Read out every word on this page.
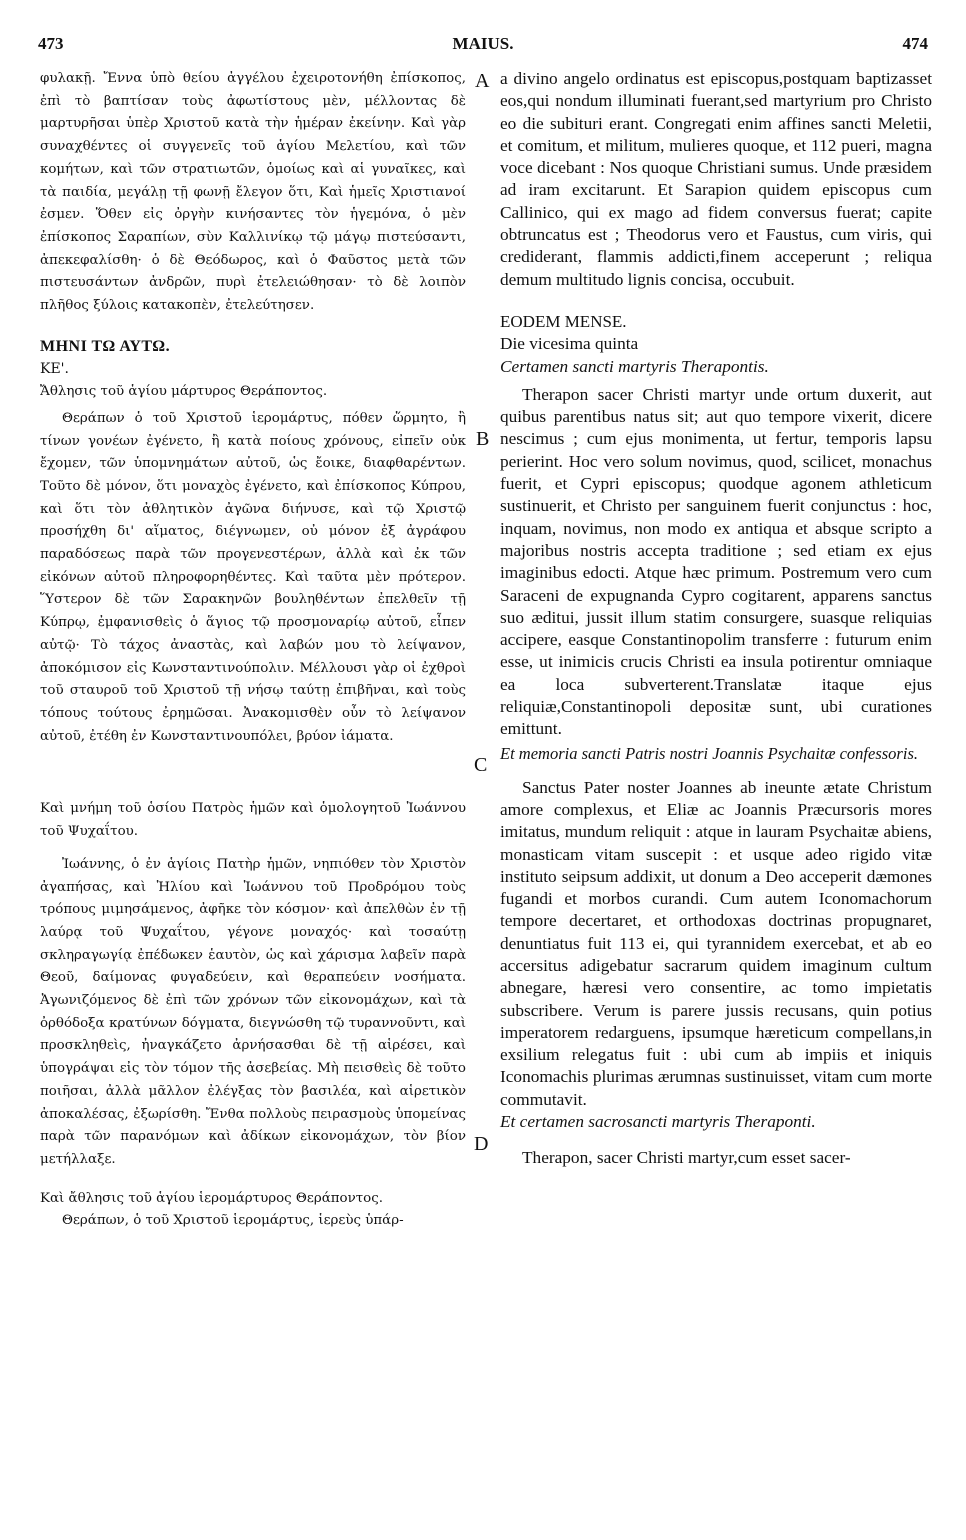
473	MAIUS.	474
A
B
C
D

φυλακῇ. Ἔννα ὑπὸ θείου ἀγγέλου ἐχειροτονήθη ἐπίσκοπος, ἐπὶ τὸ βαπτίσαν τοὺς ἀφωτίστους μὲν, μέλλοντας δὲ μαρτυρῆσαι ὑπὲρ Χριστοῦ κατὰ τὴν ἡμέραν ἐκείνην. Καὶ γὰρ συναχθέντες οἱ συγγενεῖς τοῦ ἁγίου Μελετίου, καὶ τῶν κομήτων, καὶ τῶν στρατιωτῶν, ὁμοίως καὶ αἱ γυναῖκες, καὶ τὰ παιδία, μεγάλῃ τῇ φωνῇ ἔλεγον ὅτι, Καὶ ἡμεῖς Χριστιανοί ἐσμεν. Ὅθεν εἰς ὀργὴν κινήσαντες τὸν ἡγεμόνα, ὁ μὲν ἐπίσκοπος Σαραπίων, σὺν Καλλινίκῳ τῷ μάγῳ πιστεύσαντι, ἀπεκεφαλίσθη· ὁ δὲ Θεόδωρος, καὶ ὁ Φαῦστος μετὰ τῶν πιστευσάντων ἀνδρῶν, πυρὶ ἐτελειώθησαν· τὸ δὲ λοιπὸν πλῆθος ξύλοις κατακοπὲν, ἐτελεύτησεν.

ΜΗΝΙ ΤΩ ΑΥΤΩ.

ΚΕ'.

Ἄθλησις τοῦ ἁγίου μάρτυρος Θεράποντος.

Θεράπων ὁ τοῦ Χριστοῦ ἱερομάρτυς, πόθεν ὥρμητο, ἢ τίνων γονέων ἐγένετο, ἢ κατὰ ποίους χρόνους, εἰπεῖν οὐκ ἔχομεν, τῶν ὑπομνημάτων αὐτοῦ, ὡς ἔοικε, διαφθαρέντων. Τοῦτο δὲ μόνον, ὅτι μοναχὸς ἐγένετο, καὶ ἐπίσκοπος Κύπρου, καὶ ὅτι τὸν ἀθλητικὸν ἀγῶνα διήνυσε, καὶ τῷ Χριστῷ προσήχθη δι' αἵματος, διέγνωμεν, οὐ μόνον ἐξ ἀγράφου παραδόσεως παρὰ τῶν προγενεστέρων, ἀλλὰ καὶ ἐκ τῶν εἰκόνων αὐτοῦ πληροφορηθέντες. Καὶ ταῦτα μὲν πρότερον. Ὕστερον δὲ τῶν Σαρακηνῶν βουληθέντων ἐπελθεῖν τῇ Κύπρῳ, ἐμφανισθεὶς ὁ ἅγιος τῷ προσμοναρίῳ αὐτοῦ, εἶπεν αὐτῷ· Τὸ τάχος ἀναστὰς, καὶ λαβών μου τὸ λείψανον, ἀποκόμισον εἰς Κωνσταντινούπολιν. Μέλλουσι γὰρ οἱ ἐχθροὶ τοῦ σταυροῦ τοῦ Χριστοῦ τῇ νήσῳ ταύτῃ ἐπιβῆναι, καὶ τοὺς τόπους τούτους ἐρημῶσαι. Ἀνακομισθὲν οὖν τὸ λείψανον αὐτοῦ, ἐτέθη ἐν Κωνσταντινουπόλει, βρύον ἰάματα.

Καὶ μνήμη τοῦ ὁσίου Πατρὸς ἡμῶν καὶ ὁμολογητοῦ Ἰωάννου τοῦ Ψυχαΐτου.

Ἰωάννης, ὁ ἐν ἁγίοις Πατὴρ ἡμῶν, νηπιόθεν τὸν Χριστὸν ἀγαπήσας, καὶ Ἠλίου καὶ Ἰωάννου τοῦ Προδρόμου τοὺς τρόπους μιμησάμενος, ἀφῆκε τὸν κόσμον· καὶ ἀπελθὼν ἐν τῇ λαύρᾳ τοῦ Ψυχαΐτου, γέγονε μοναχός· καὶ τοσαύτῃ σκληραγωγίᾳ ἐπέδωκεν ἑαυτὸν, ὡς καὶ χάρισμα λαβεῖν παρὰ Θεοῦ, δαίμονας φυγαδεύειν, καὶ θεραπεύειν νοσήματα. Ἀγωνιζόμενος δὲ ἐπὶ τῶν χρόνων τῶν εἰκονομάχων, καὶ τὰ ὀρθόδοξα κρατύνων δόγματα, διεγνώσθη τῷ τυραννοῦντι, καὶ προσκληθεὶς, ἠναγκάζετο ἀρνήσασθαι δὲ τῇ αἱρέσει, καὶ ὑπογράψαι εἰς τὸν τόμον τῆς ἀσεβείας. Μὴ πεισθεὶς δὲ τοῦτο ποιῆσαι, ἀλλὰ μᾶλλον ἐλέγξας τὸν βασιλέα, καὶ αἱρετικὸν ἀποκαλέσας, ἐξωρίσθη. Ἔνθα πολλοὺς πειρασμοὺς ὑπομείνας παρὰ τῶν παρανόμων καὶ ἀδίκων εἰκονομάχων, τὸν βίον μετήλλαξε.

Καὶ ἄθλησις τοῦ ἁγίου ἱερομάρτυρος Θεράποντος.

Θεράπων, ὁ τοῦ Χριστοῦ ἱερομάρτυς, ἱερεὺς ὑπάρ-

a divino angelo ordinatus est episcopus,postquam baptizasset eos,qui nondum illuminati fuerant,sed martyrium pro Christo eo die subituri erant. Congregati enim affines sancti Meletii, et comitum, et militum, mulieres quoque, et 112 pueri, magna voce dicebant : Nos quoque Christiani sumus. Unde præsidem ad iram excitarunt. Et Sarapion quidem episcopus cum Callinico, qui ex mago ad fidem conversus fuerat; capite obtruncatus est ; Theodorus vero et Faustus, cum viris, qui crediderant, flammis addicti,finem acceperunt ; reliqua demum multitudo lignis concisa, occubuit.

EODEM MENSE.

Die vicesima quinta

Certamen sancti martyris Therapontis.

Therapon sacer Christi martyr unde ortum duxerit, aut quibus parentibus natus sit; aut quo tempore vixerit, dicere nescimus ; cum ejus monimenta, ut fertur, temporis lapsu perierint. Hoc vero solum novimus, quod, scilicet, monachus fuerit, et Cypri episcopus; quodque agonem athleticum sustinuerit, et Christo per sanguinem fuerit conjunctus : hoc, inquam, novimus, non modo ex antiqua et absque scripto a majoribus nostris accepta traditione ; sed etiam ex ejus imaginibus edocti. Atque hæc primum. Postremum vero cum Saraceni de expugnanda Cypro cogitarent, apparens sanctus suo æditui, jussit illum statim consurgere, suasque reliquias accipere, easque Constantinopolim transferre : futurum enim esse, ut inimicis crucis Christi ea insula potirentur omniaque ea loca subverterent.Translatæ itaque ejus reliquiæ,Constantinopoli depositæ sunt, ubi curationes emittunt.

Et memoria sancti Patris nostri Joannis Psychaitæ confessoris.

Sanctus Pater noster Joannes ab ineunte ætate Christum amore complexus, et Eliæ ac Joannis Præcursoris mores imitatus, mundum reliquit : atque in lauram Psychaitæ abiens, monasticam vitam suscepit : et usque adeo rigido vitæ instituto seipsum addixit, ut donum a Deo acceperit dæmones fugandi et morbos curandi. Cum autem Iconomachorum tempore decertaret, et orthodoxas doctrinas propugnaret, denuntiatus fuit 113 ei, qui tyrannidem exercebat, et ab eo accersitus adigebatur sacrarum quidem imaginum cultum abnegare, hæresi vero consentire, ac tomo impietatis subscribere. Verum is parere jussis recusans, quin potius imperatorem redarguens, ipsumque hæreticum compellans,in exsilium relegatus fuit : ubi cum ab impiis et iniquis Iconomachis plurimas ærumnas sustinuisset, vitam cum morte commutavit.

Et certamen sacrosancti martyris Theraponti.

Therapon, sacer Christi martyr,cum esset sacer-
